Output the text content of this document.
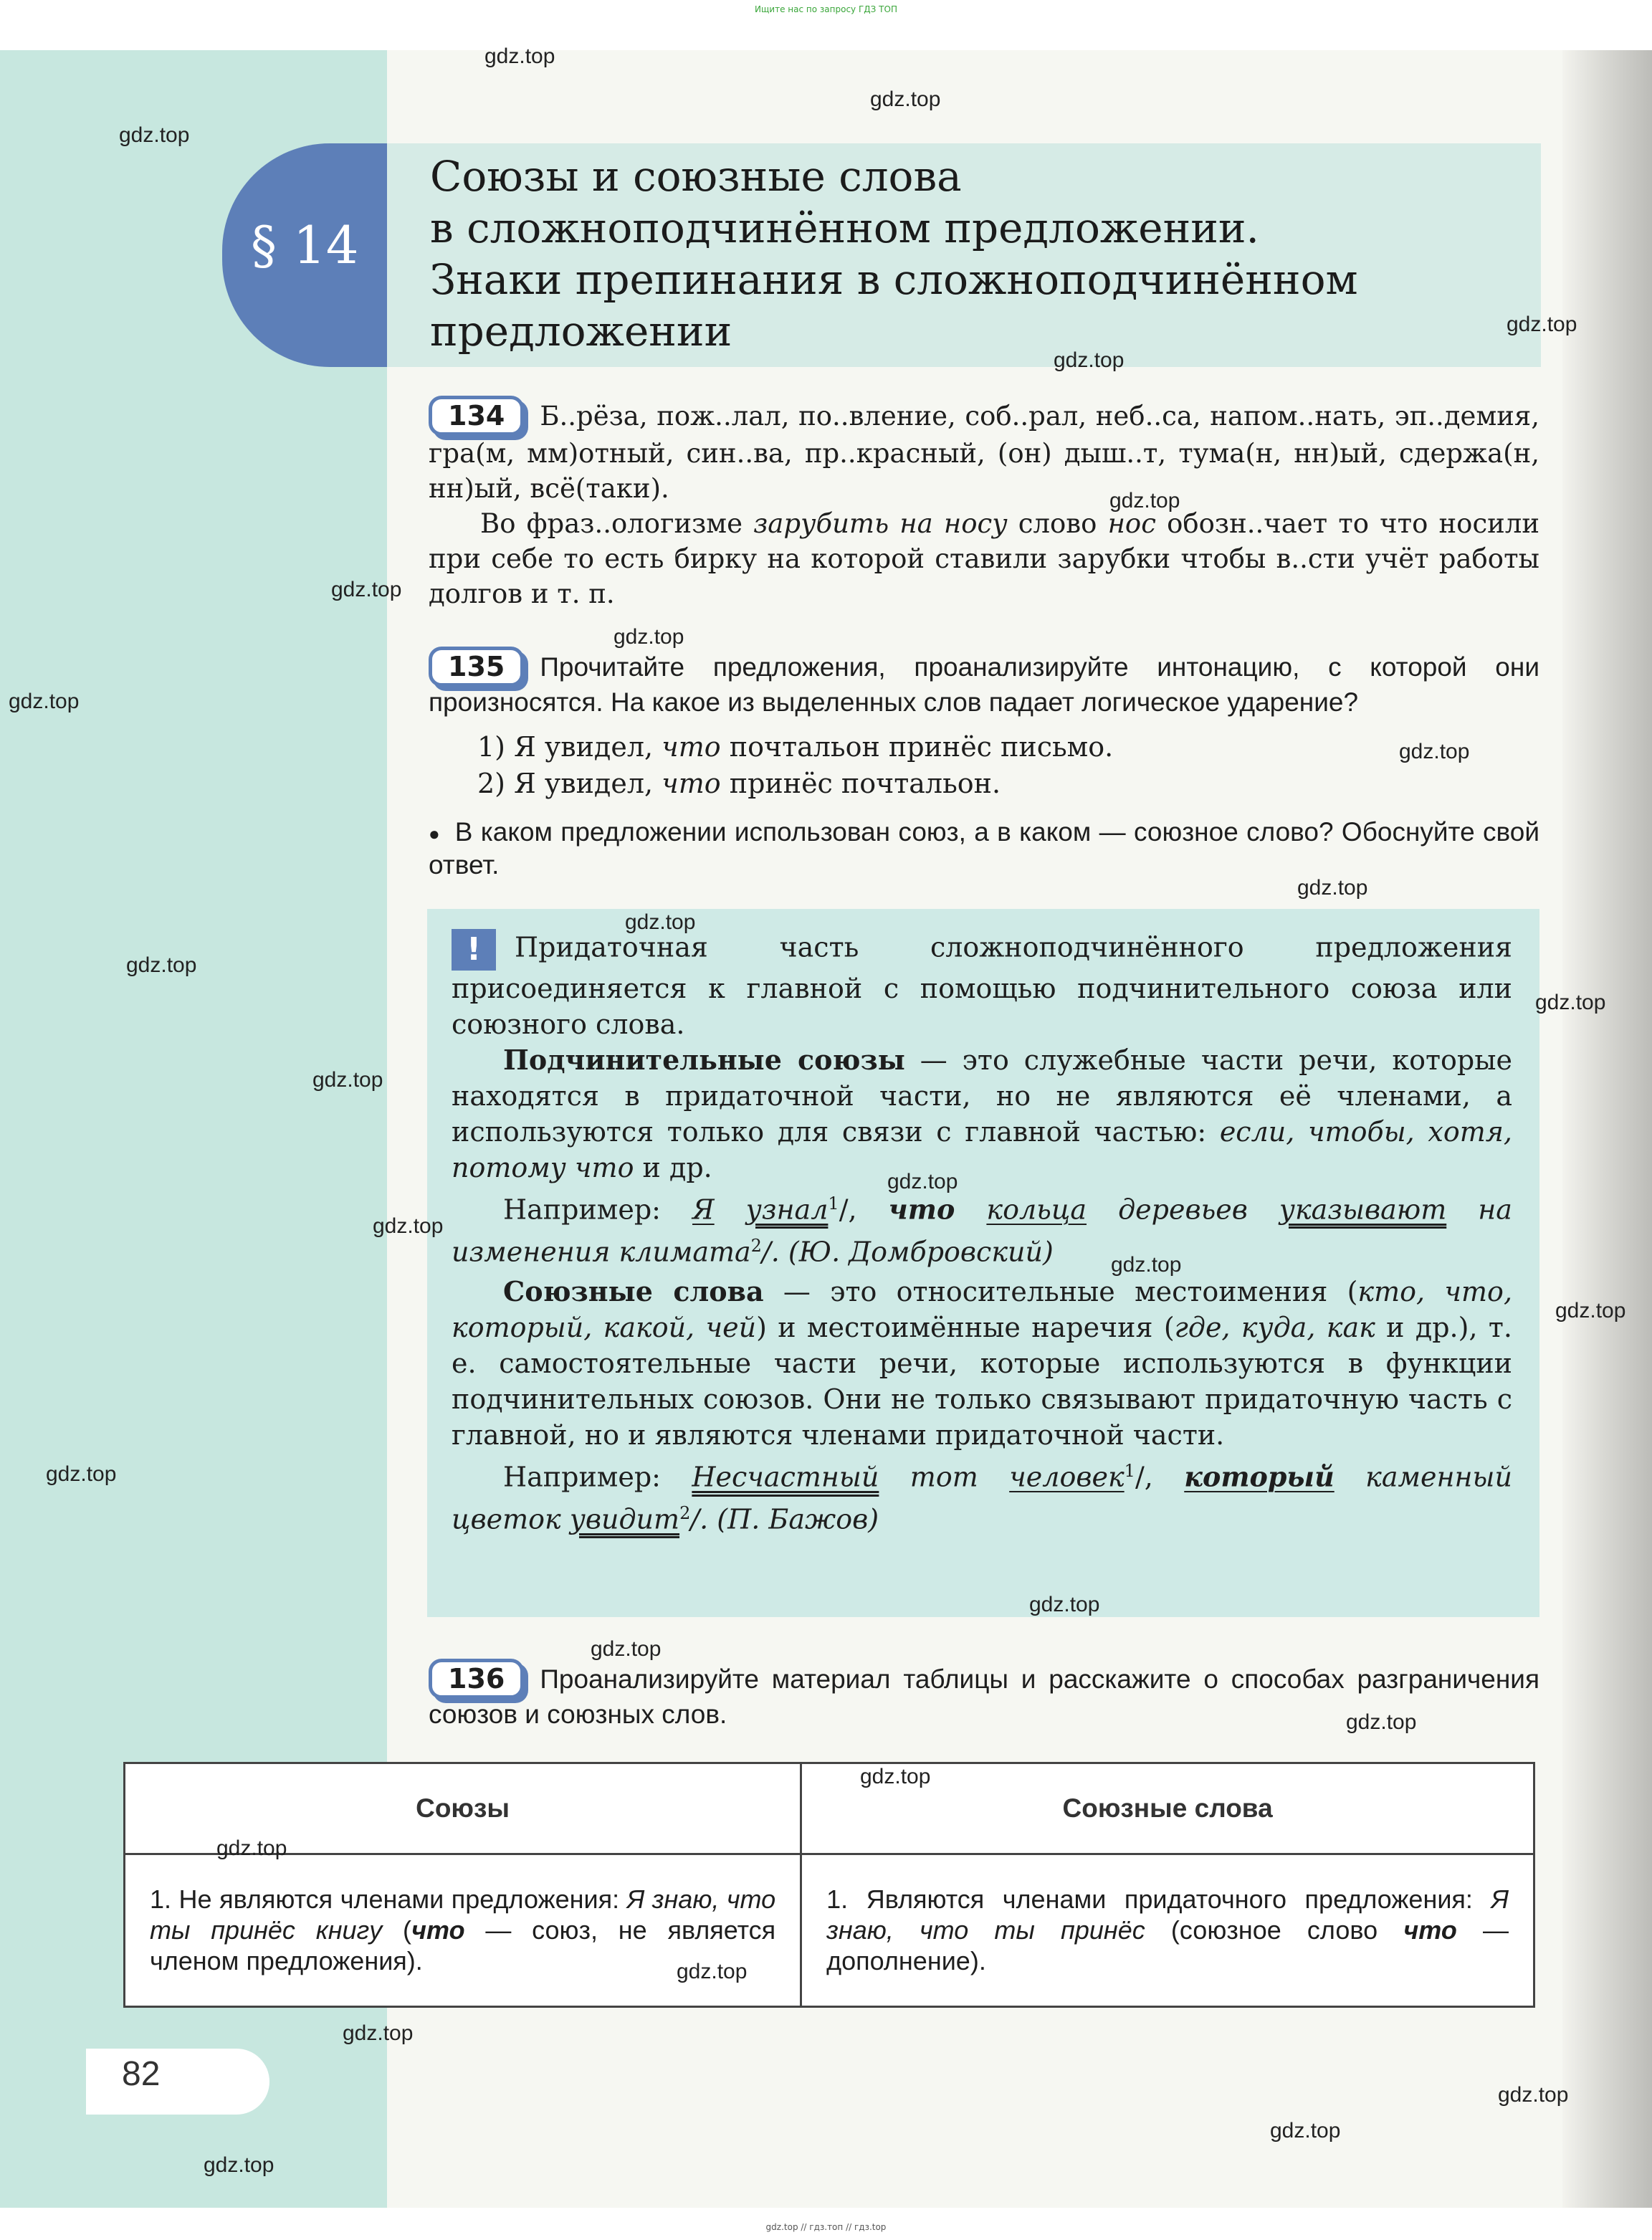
Ищите нас по запросу ГДЗ ТОП
§ 14
Союзы и союзные слова
в сложноподчинённом предложении.
Знаки препинания в сложноподчинённом
предложении
134 Б..рёза, пож..лал, по..вление, соб..рал, неб..са, напом..нать, эп..демия, гра(м, мм)отный, син..ва, пр..красный, (он) дыш..т, тума(н, нн)ый, сдержа(н, нн)ый, всё(таки).
Во фраз..ологизме зарубить на носу слово нос обозн..чает то что носили при себе то есть бирку на которой ставили зарубки чтобы в..сти учёт работы долгов и т. п.
135 Прочитайте предложения, проанализируйте интонацию, с которой они произносятся. На какое из выделенных слов падает логическое ударение?
1) Я увидел, что почтальон принёс письмо.
2) Я увидел, что принёс почтальон.
● В каком предложении использован союз, а в каком — союзное слово? Обоснуйте свой ответ.
! Придаточная часть сложноподчинённого предложения присоединяется к главной с помощью подчинительного союза или союзного слова.
Подчинительные союзы — это служебные части речи, которые находятся в придаточной части, но не являются её членами, а используются только для связи с главной частью: если, чтобы, хотя, потому что и др.
Например: Я узнал$^1$/, что кольца деревьев указывают на изменения климата$^2$/. (Ю. Домбровский)
Союзные слова — это относительные местоимения (кто, что, который, какой, чей) и местоимённые наречия (где, куда, как и др.), т. е. самостоятельные части речи, которые используются в функции подчинительных союзов. Они не только связывают придаточную часть с главной, но и являются членами придаточной части.
Например: Несчастный тот человек$^1$/, который каменный цветок увидит$^2$/. (П. Бажов)
136 Проанализируйте материал таблицы и расскажите о способах разграничения союзов и союзных слов.
Союзы	Союзные слова
1. Не являются членами предложения: Я знаю, что ты принёс книгу (что — союз, не является членом предложения).	1. Являются членами придаточного предложения: Я знаю, что ты принёс (союзное слово что — дополнение).
82
gdz.top
gdz.top
gdz.top
gdz.top
gdz.top
gdz.top
gdz.top
gdz.top
gdz.top
gdz.top
gdz.top
gdz.top
gdz.top
gdz.top
gdz.top
gdz.top
gdz.top
gdz.top
gdz.top
gdz.top
gdz.top
gdz.top
gdz.top
gdz.top
gdz.top
gdz.top
gdz.top
gdz.top
gdz.top
gdz.top
gdz.top // гдз.топ // гдз.top
